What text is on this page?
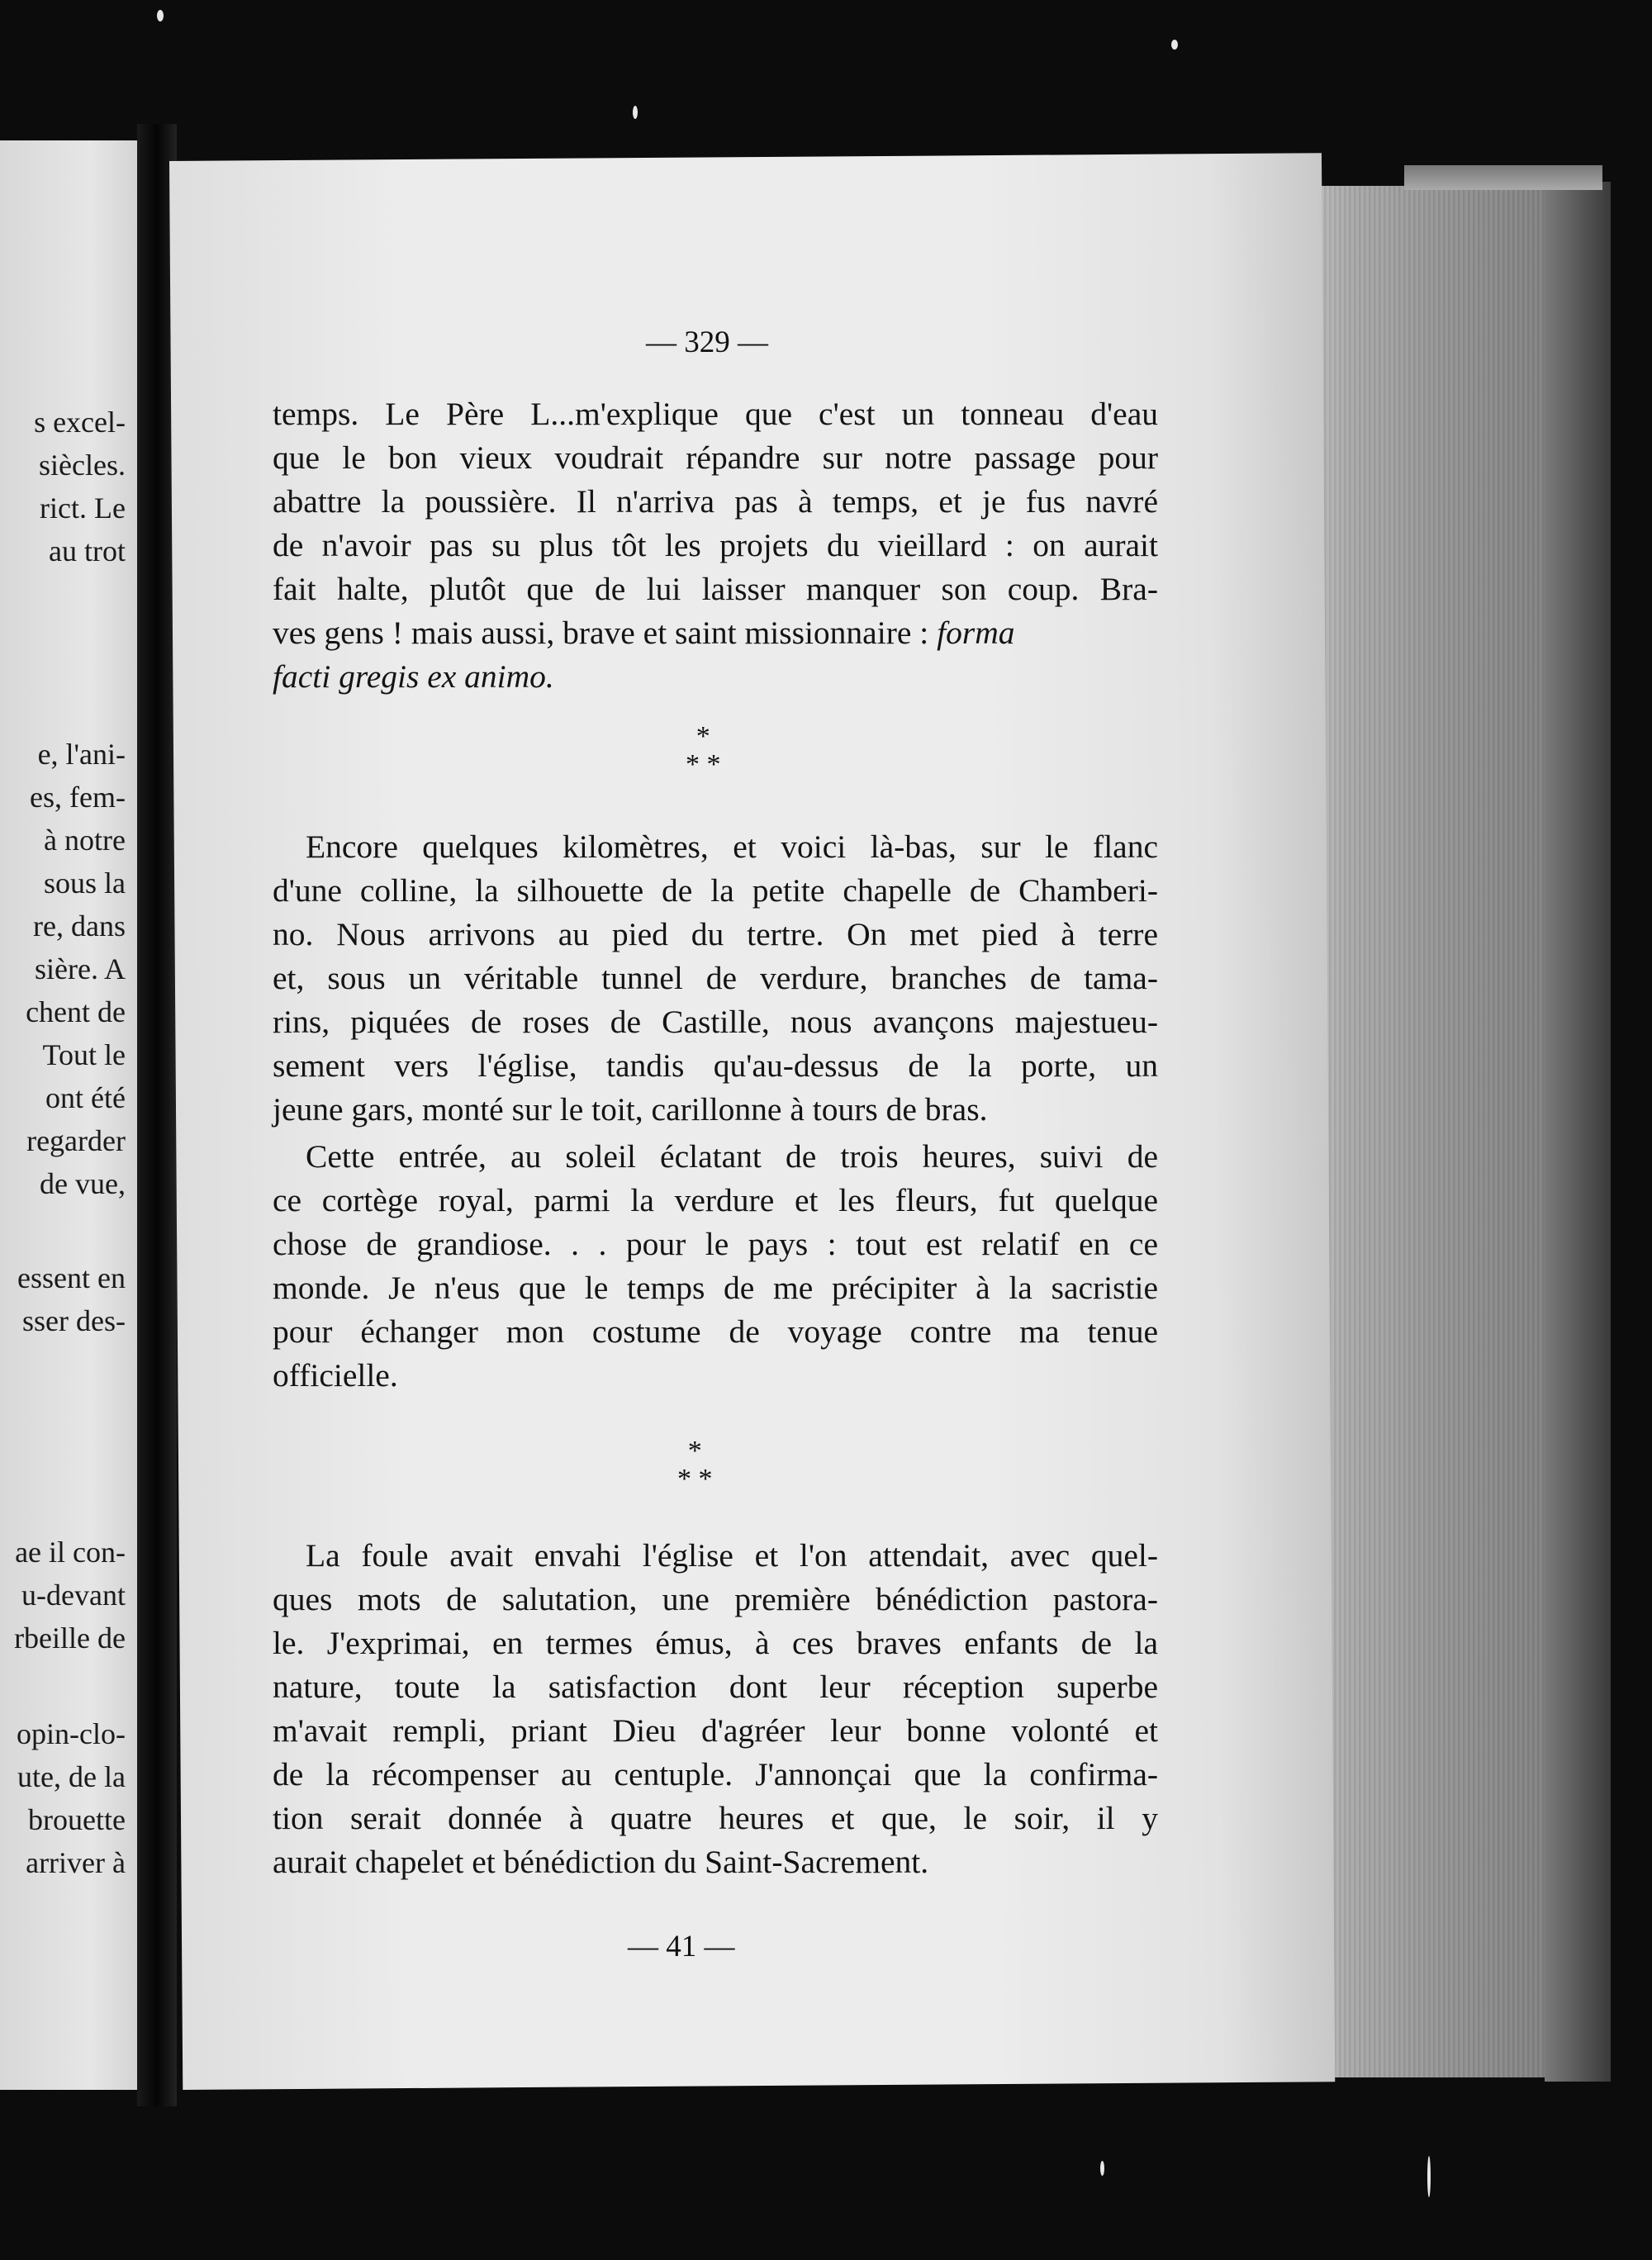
s excel-
siècles.
rict. Le
au trot
e, l'ani-
es, fem-
à notre
sous la
re, dans
sière. A
chent de
Tout le
ont été
regarder
de vue,
essent en
sser des-
ae il con-
u-devant
rbeille de
opin-clo-
ute, de la
brouette
arriver à
— 329 —
temps. Le Père L...m'explique que c'est un tonneau d'eau
que le bon vieux voudrait répandre sur notre passage pour
abattre la poussière. Il n'arriva pas à temps, et je fus navré
de n'avoir pas su plus tôt les projets du vieillard : on aurait
fait halte, plutôt que de lui laisser manquer son coup. Bra-
ves gens ! mais aussi, brave et saint missionnaire : forma
facti gregis ex animo.
*
* *
Encore quelques kilomètres, et voici là-bas, sur le flanc
d'une colline, la silhouette de la petite chapelle de Chamberi-
no. Nous arrivons au pied du tertre. On met pied à terre
et, sous un véritable tunnel de verdure, branches de tama-
rins, piquées de roses de Castille, nous avançons majestueu-
sement vers l'église, tandis qu'au-dessus de la porte, un
jeune gars, monté sur le toit, carillonne à tours de bras.
Cette entrée, au soleil éclatant de trois heures, suivi de
ce cortège royal, parmi la verdure et les fleurs, fut quelque
chose de grandiose. . . pour le pays : tout est relatif en ce
monde. Je n'eus que le temps de me précipiter à la sacristie
pour échanger mon costume de voyage contre ma tenue
officielle.
*
* *
La foule avait envahi l'église et l'on attendait, avec quel-
ques mots de salutation, une première bénédiction pastora-
le. J'exprimai, en termes émus, à ces braves enfants de la
nature, toute la satisfaction dont leur réception superbe
m'avait rempli, priant Dieu d'agréer leur bonne volonté et
de la récompenser au centuple. J'annonçai que la confirma-
tion serait donnée à quatre heures et que, le soir, il y
aurait chapelet et bénédiction du Saint-Sacrement.
— 41 —
